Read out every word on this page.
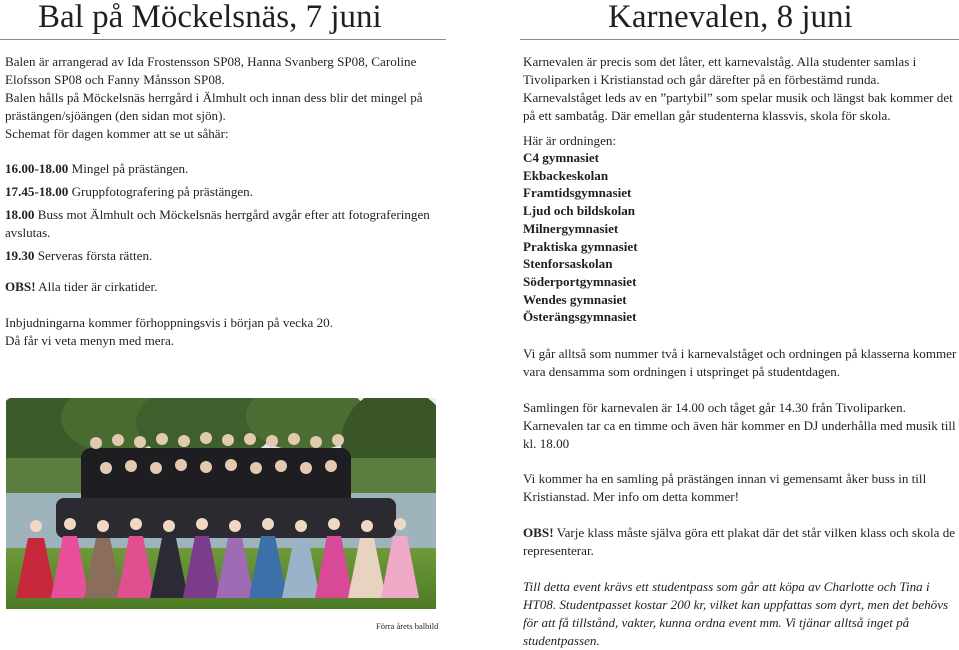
Bal på Möckelsnäs, 7 juni

Balen är arrangerad av Ida Frostensson SP08, Hanna Svanberg SP08, Caroline Elofsson SP08 och Fanny Månsson SP08.

Balen hålls på Möckelsnäs herrgård i Älmhult och innan dess blir det mingel på prästängen/sjöängen (den sidan mot sjön).

Schemat för dagen kommer att se ut såhär:

16.00-18.00 Mingel på prästängen.

17.45-18.00 Gruppfotografering på prästängen.

18.00 Buss mot Älmhult och Möckelsnäs herrgård avgår efter att fotograferingen avslutas.

19.30 Serveras första rätten.

OBS! Alla tider är cirkatider.

Inbjudningarna kommer förhoppningsvis i början på vecka 20.

Då får vi veta menyn med mera.

Förra årets balbild
Karnevalen, 8 juni

Karnevalen är precis som det låter, ett karnevalståg. Alla studenter samlas i Tivoliparken i Kristianstad och går därefter på en förbestämd runda. Karnevalståget leds av en ”partybil” som spelar musik och längst bak kommer det på ett sambatåg. Där emellan går studenterna klassvis, skola för skola.

Här är ordningen:

C4 gymnasiet
Ekbackeskolan
Framtidsgymnasiet
Ljud och bildskolan
Milnergymnasiet
Praktiska gymnasiet
Stenforsaskolan
Söderportgymnasiet
Wendes gymnasiet
Österängsgymnasiet

Vi går alltså som nummer två i karnevalståget och ordningen på klasserna kommer vara densamma som ordningen i utspringet på studentdagen.

Samlingen för karnevalen är 14.00 och tåget går 14.30 från Tivoliparken.

Karnevalen tar ca en timme och även här kommer en DJ underhålla med musik till kl. 18.00

Vi kommer ha en samling på prästängen innan vi gemensamt åker buss in till Kristianstad. Mer info om detta kommer!

OBS! Varje klass måste själva göra ett plakat där det står vilken klass och skola de representerar.

Till detta event krävs ett studentpass som går att köpa av Charlotte och Tina i HT08. Studentpasset kostar 200 kr, vilket kan uppfattas som dyrt, men det behövs för att få tillstånd, vakter, kunna ordna event mm. Vi tjänar alltså inget på studentpassen.
